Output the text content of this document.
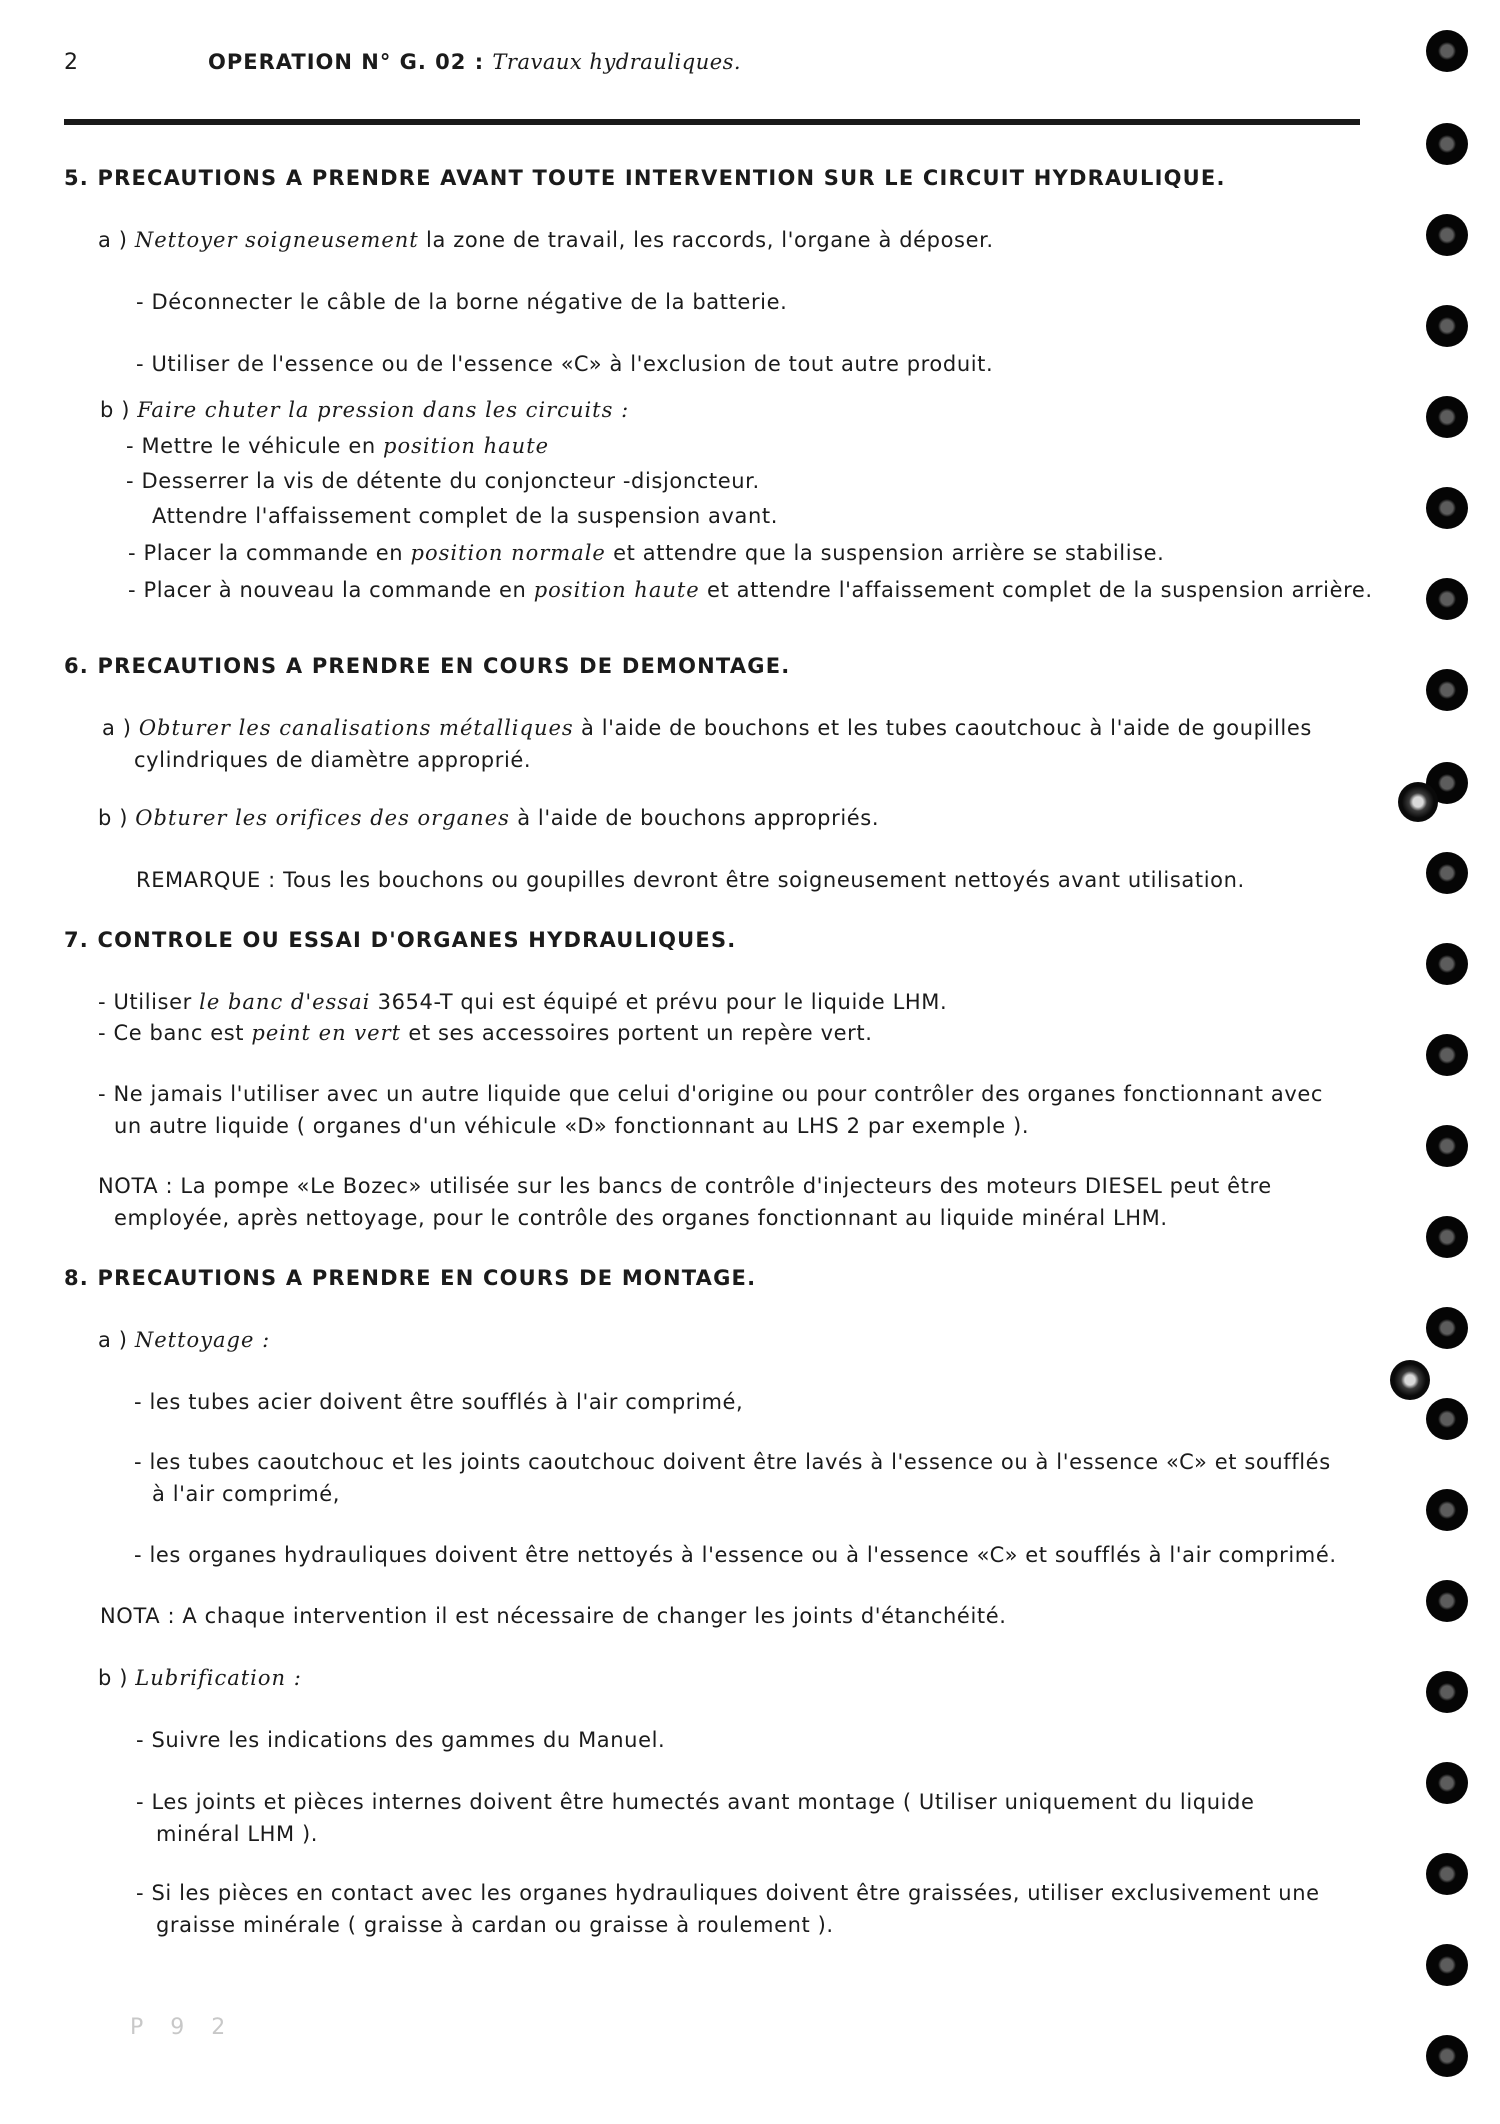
2	OPERATION N° G. 02 : Travaux hydrauliques.
5. PRECAUTIONS A PRENDRE AVANT TOUTE INTERVENTION SUR LE CIRCUIT HYDRAULIQUE.
a ) Nettoyer soigneusement la zone de travail, les raccords, l'organe à déposer.
- Déconnecter le câble de la borne négative de la batterie.
- Utiliser de l'essence ou de l'essence «C» à l'exclusion de tout autre produit.
b ) Faire chuter la pression dans les circuits :
- Mettre le véhicule en position haute
- Desserrer la vis de détente du conjoncteur -disjoncteur.
Attendre l'affaissement complet de la suspension avant.
- Placer la commande en position normale et attendre que la suspension arrière se stabilise.
- Placer à nouveau la commande en position haute et attendre l'affaissement complet de la suspension arrière.
6. PRECAUTIONS A PRENDRE EN COURS DE DEMONTAGE.
a ) Obturer les canalisations métalliques à l'aide de bouchons et les tubes caoutchouc à l'aide de goupilles
cylindriques de diamètre approprié.
b ) Obturer les orifices des organes à l'aide de bouchons appropriés.
REMARQUE : Tous les bouchons ou goupilles devront être soigneusement nettoyés avant utilisation.
7. CONTROLE OU ESSAI D'ORGANES HYDRAULIQUES.
- Utiliser le banc d'essai 3654-T qui est équipé et prévu pour le liquide LHM.
- Ce banc est peint en vert et ses accessoires portent un repère vert.
- Ne jamais l'utiliser avec un autre liquide que celui d'origine ou pour contrôler des organes fonctionnant avec
un autre liquide ( organes d'un véhicule «D» fonctionnant au LHS 2 par exemple ).
NOTA : La pompe «Le Bozec» utilisée sur les bancs de contrôle d'injecteurs des moteurs DIESEL peut être
employée, après nettoyage, pour le contrôle des organes fonctionnant au liquide minéral LHM.
8. PRECAUTIONS A PRENDRE EN COURS DE MONTAGE.
a ) Nettoyage :
- les tubes acier doivent être soufflés à l'air comprimé,
- les tubes caoutchouc et les joints caoutchouc doivent être lavés à l'essence ou à l'essence «C» et soufflés
à l'air comprimé,
- les organes hydrauliques doivent être nettoyés à l'essence ou à l'essence «C» et soufflés à l'air comprimé.
NOTA : A chaque intervention il est nécessaire de changer les joints d'étanchéité.
b ) Lubrification :
- Suivre les indications des gammes du Manuel.
- Les joints et pièces internes doivent être humectés avant montage ( Utiliser uniquement du liquide
minéral LHM ).
- Si les pièces en contact avec les organes hydrauliques doivent être graissées, utiliser exclusivement une
graisse minérale ( graisse à cardan ou graisse à roulement ).
P 9 2
